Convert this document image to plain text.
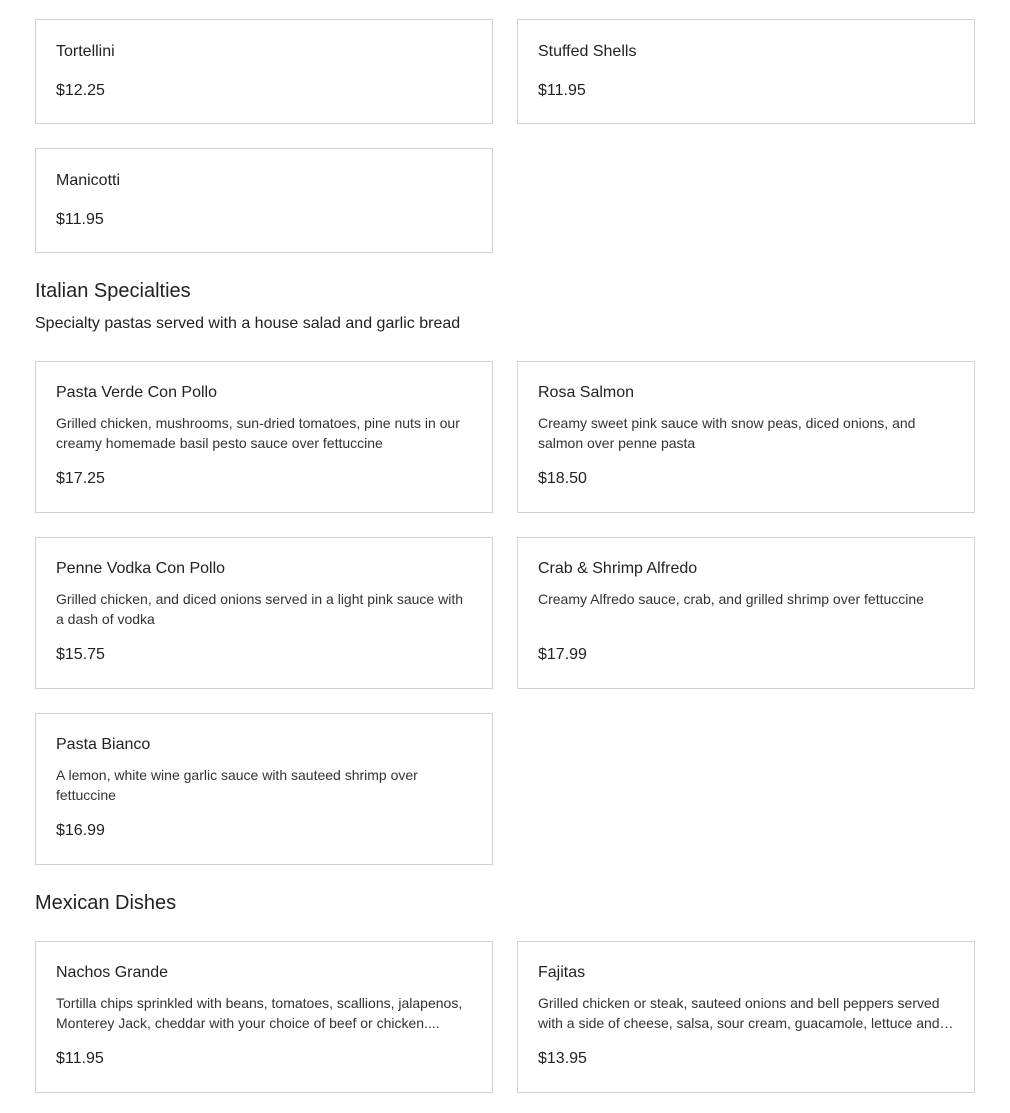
Tortellini
$12.25
Stuffed Shells
$11.95
Manicotti
$11.95
Italian Specialties

Specialty pastas served with a house salad and garlic bread

Pasta Verde Con Pollo
Grilled chicken, mushrooms, sun-dried tomatoes, pine nuts in our creamy homemade basil pesto sauce over fettuccine
$17.25
Rosa Salmon
Creamy sweet pink sauce with snow peas, diced onions, and salmon over penne pasta
$18.50
Penne Vodka Con Pollo
Grilled chicken, and diced onions served in a light pink sauce with a dash of vodka
$15.75
Crab & Shrimp Alfredo
Creamy Alfredo sauce, crab, and grilled shrimp over fettuccine
$17.99
Pasta Bianco
A lemon, white wine garlic sauce with sauteed shrimp over fettuccine
$16.99
Mexican Dishes
Nachos Grande
Tortilla chips sprinkled with beans, tomatoes, scallions, jalapenos, Monterey Jack, cheddar with your choice of beef or chicken....
$11.95
Fajitas
Grilled chicken or steak, sauteed onions and bell peppers served with a side of cheese, salsa, sour cream, guacamole, lettuce and…
$13.95
